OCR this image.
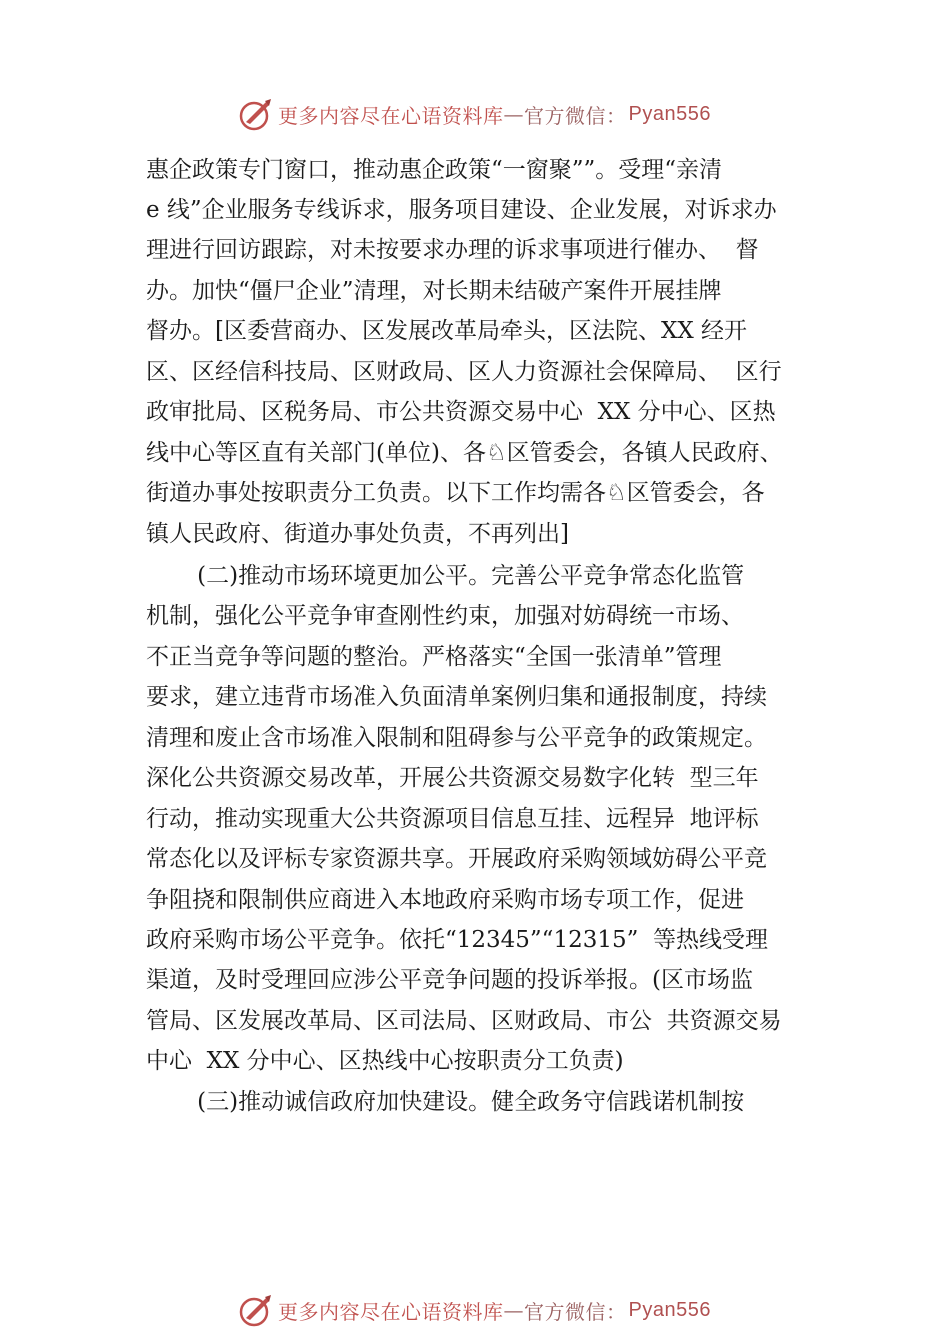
更多内容尽在心语资料库 — 官方微信： Pyan556
惠企政策专门窗口，推动惠企政策“一窗聚””。受理“亲清
e 线”企业服务专线诉求，服务项目建设、企业发展，对诉求办
理进行回访跟踪，对未按要求办理的诉求事项进行催办、  督
办。加快“僵尸企业”清理，对长期未结破产案件开展挂牌
督办。[区委营商办、区发展改革局牵头，区法院、XX 经开
区、区经信科技局、区财政局、区人力资源社会保障局、  区行
政审批局、区税务局、市公共资源交易中心  XX 分中心、区热
线中心等区直有关部门(单位)、各♘区管委会，各镇人民政府、
街道办事处按职责分工负责。以下工作均需各♘区管委会，各
镇人民政府、街道办事处负责，不再列出]
(二)推动市场环境更加公平。完善公平竞争常态化监管
机制，强化公平竞争审查刚性约束，加强对妨碍统一市场、
不正当竞争等问题的整治。严格落实“全国一张清单”管理
要求，建立违背市场准入负面清单案例归集和通报制度，持续
清理和废止含市场准入限制和阻碍参与公平竞争的政策规定。
深化公共资源交易改革，开展公共资源交易数字化转  型三年
行动，推动实现重大公共资源项目信息互挂、远程异  地评标
常态化以及评标专家资源共享。开展政府采购领域妨碍公平竞
争阻挠和限制供应商进入本地政府采购市场专项工作，促进
政府采购市场公平竞争。依托“12345”“12315”  等热线受理
渠道，及时受理回应涉公平竞争问题的投诉举报。(区市场监
管局、区发展改革局、区司法局、区财政局、市公  共资源交易
中心  XX 分中心、区热线中心按职责分工负责)
(三)推动诚信政府加快建设。健全政务守信践诺机制按
更多内容尽在心语资料库 — 官方微信： Pyan556
